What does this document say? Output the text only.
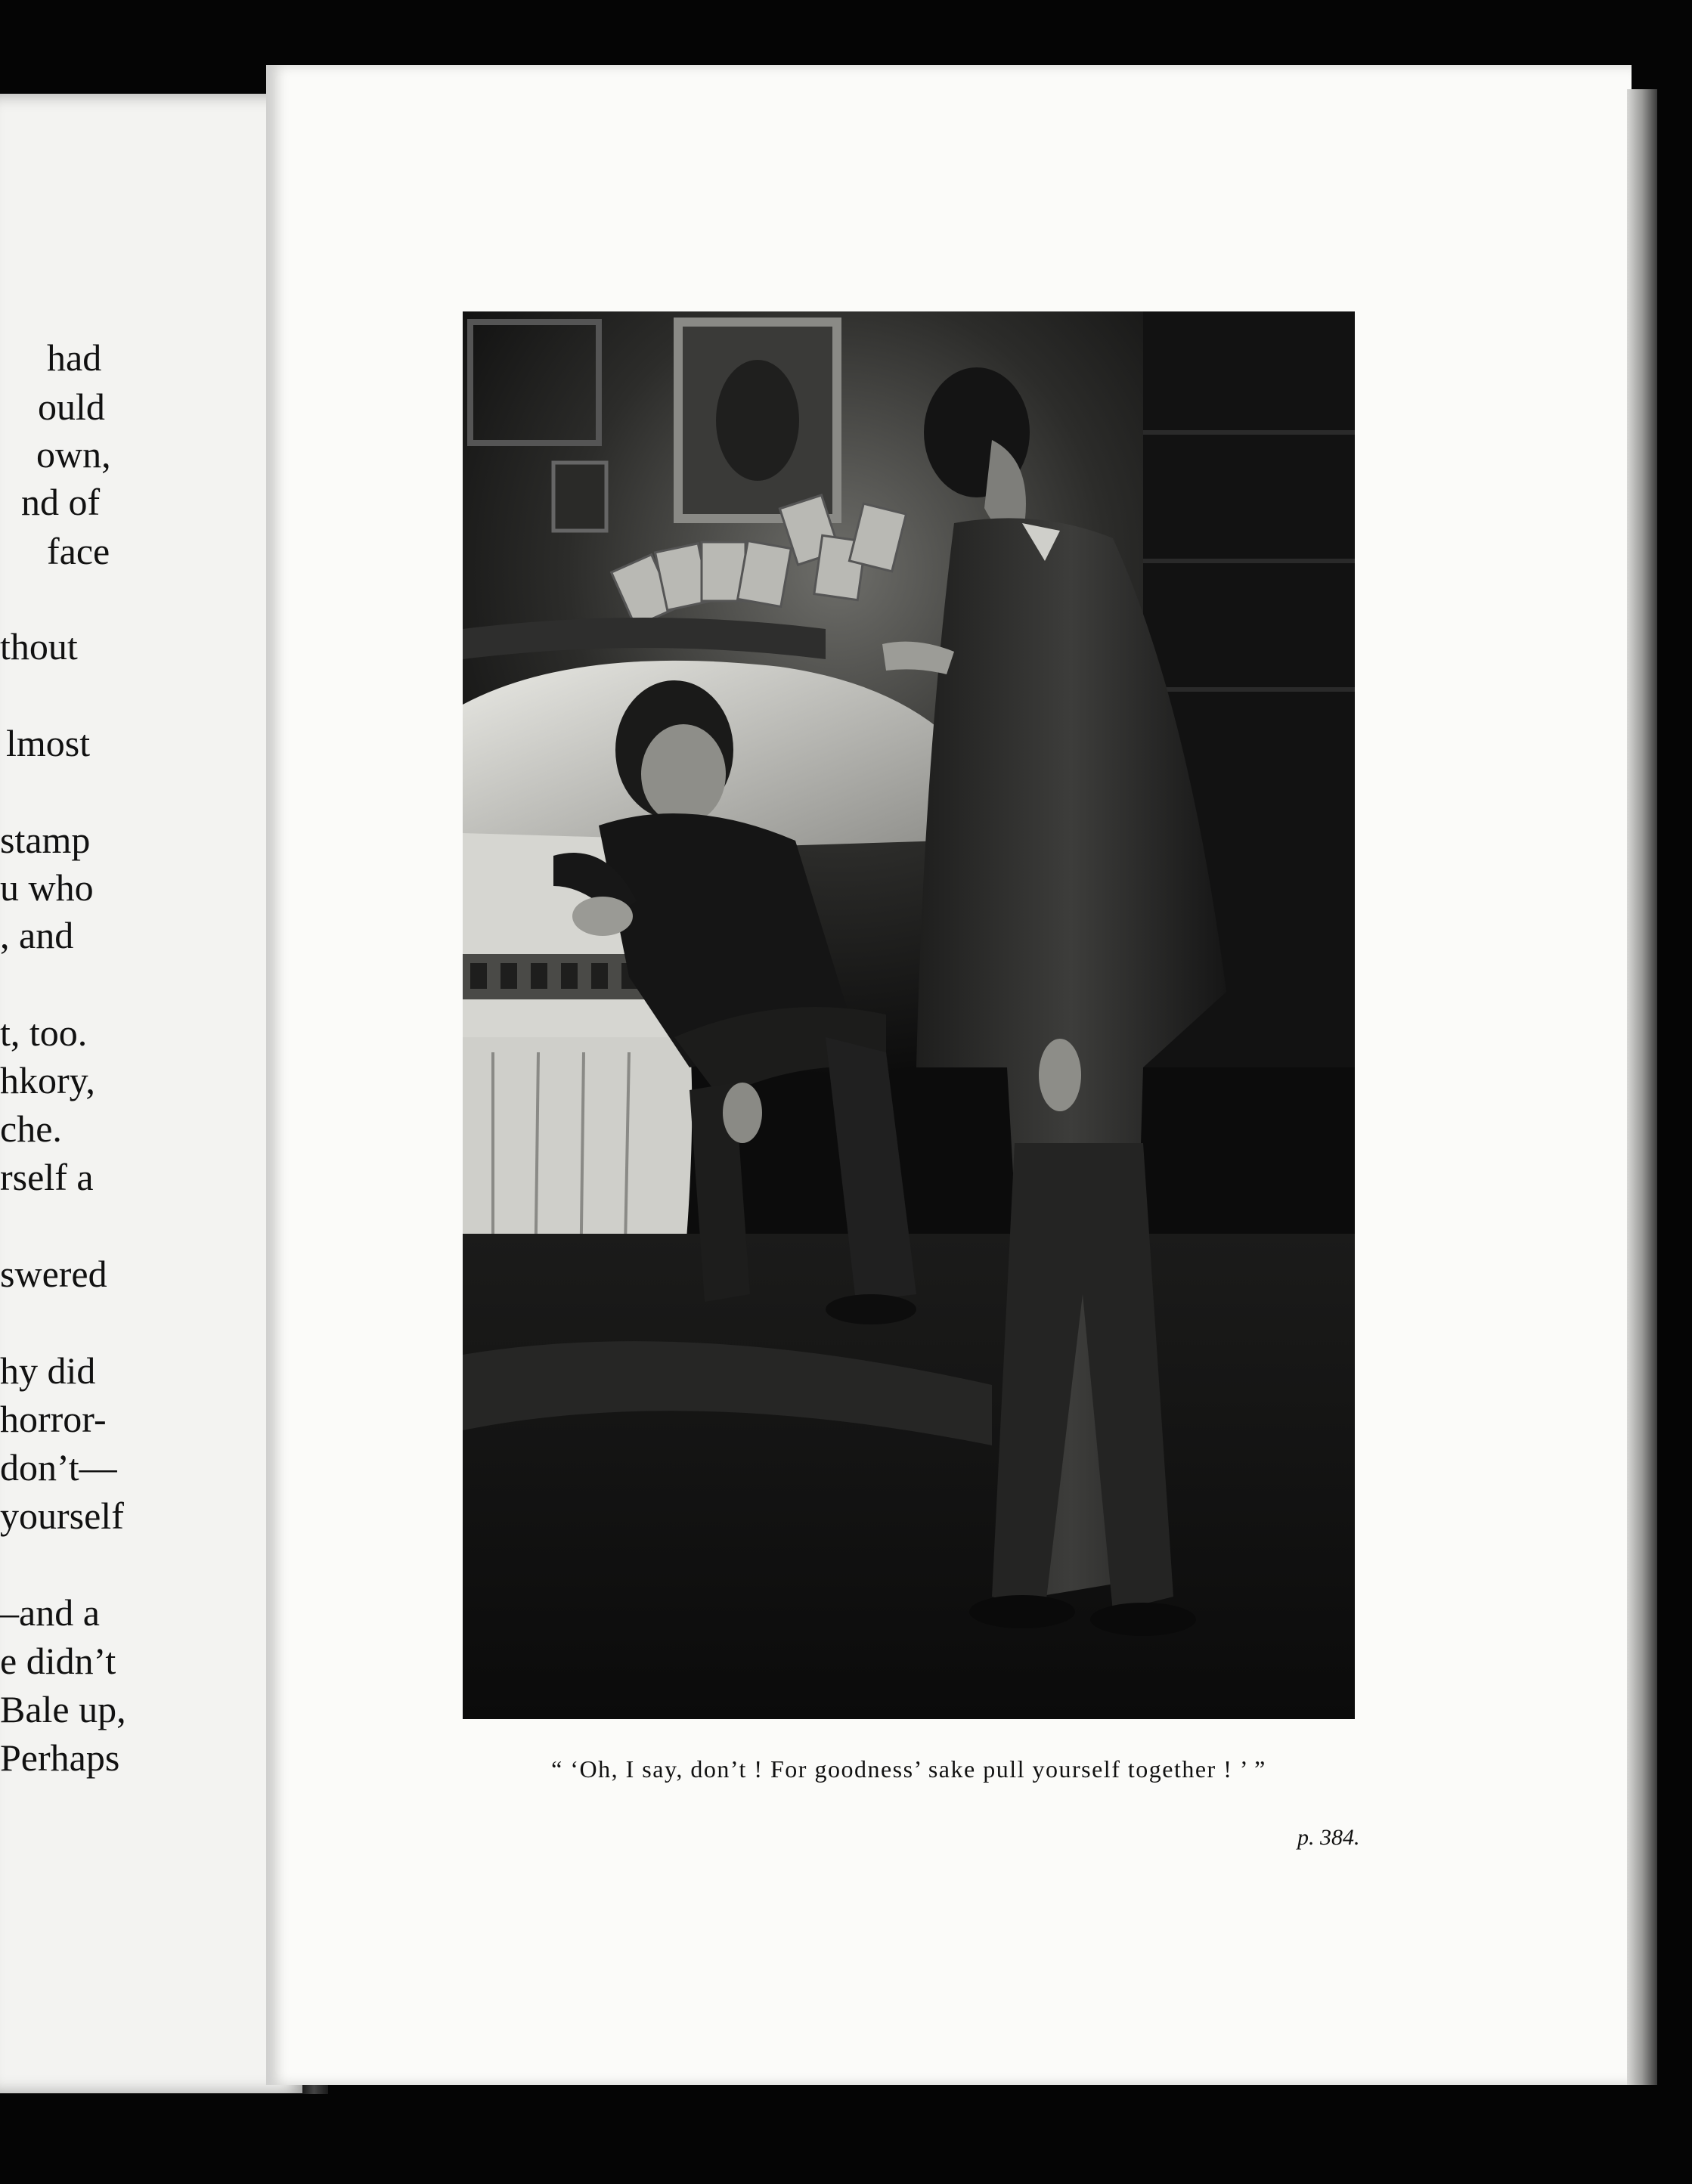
had
ould
own,
nd of
face
thout
lmost
stamp
u who
, and
t, too.
hkory,
che.
rself a
swered
hy did
horror-
don’t—
yourself
–and a
e didn’t
Bale up,
Perhaps	“ ‘Oh, I say, don’t ! For goodness’ sake pull yourself together ! ’ ”
p. 384.
